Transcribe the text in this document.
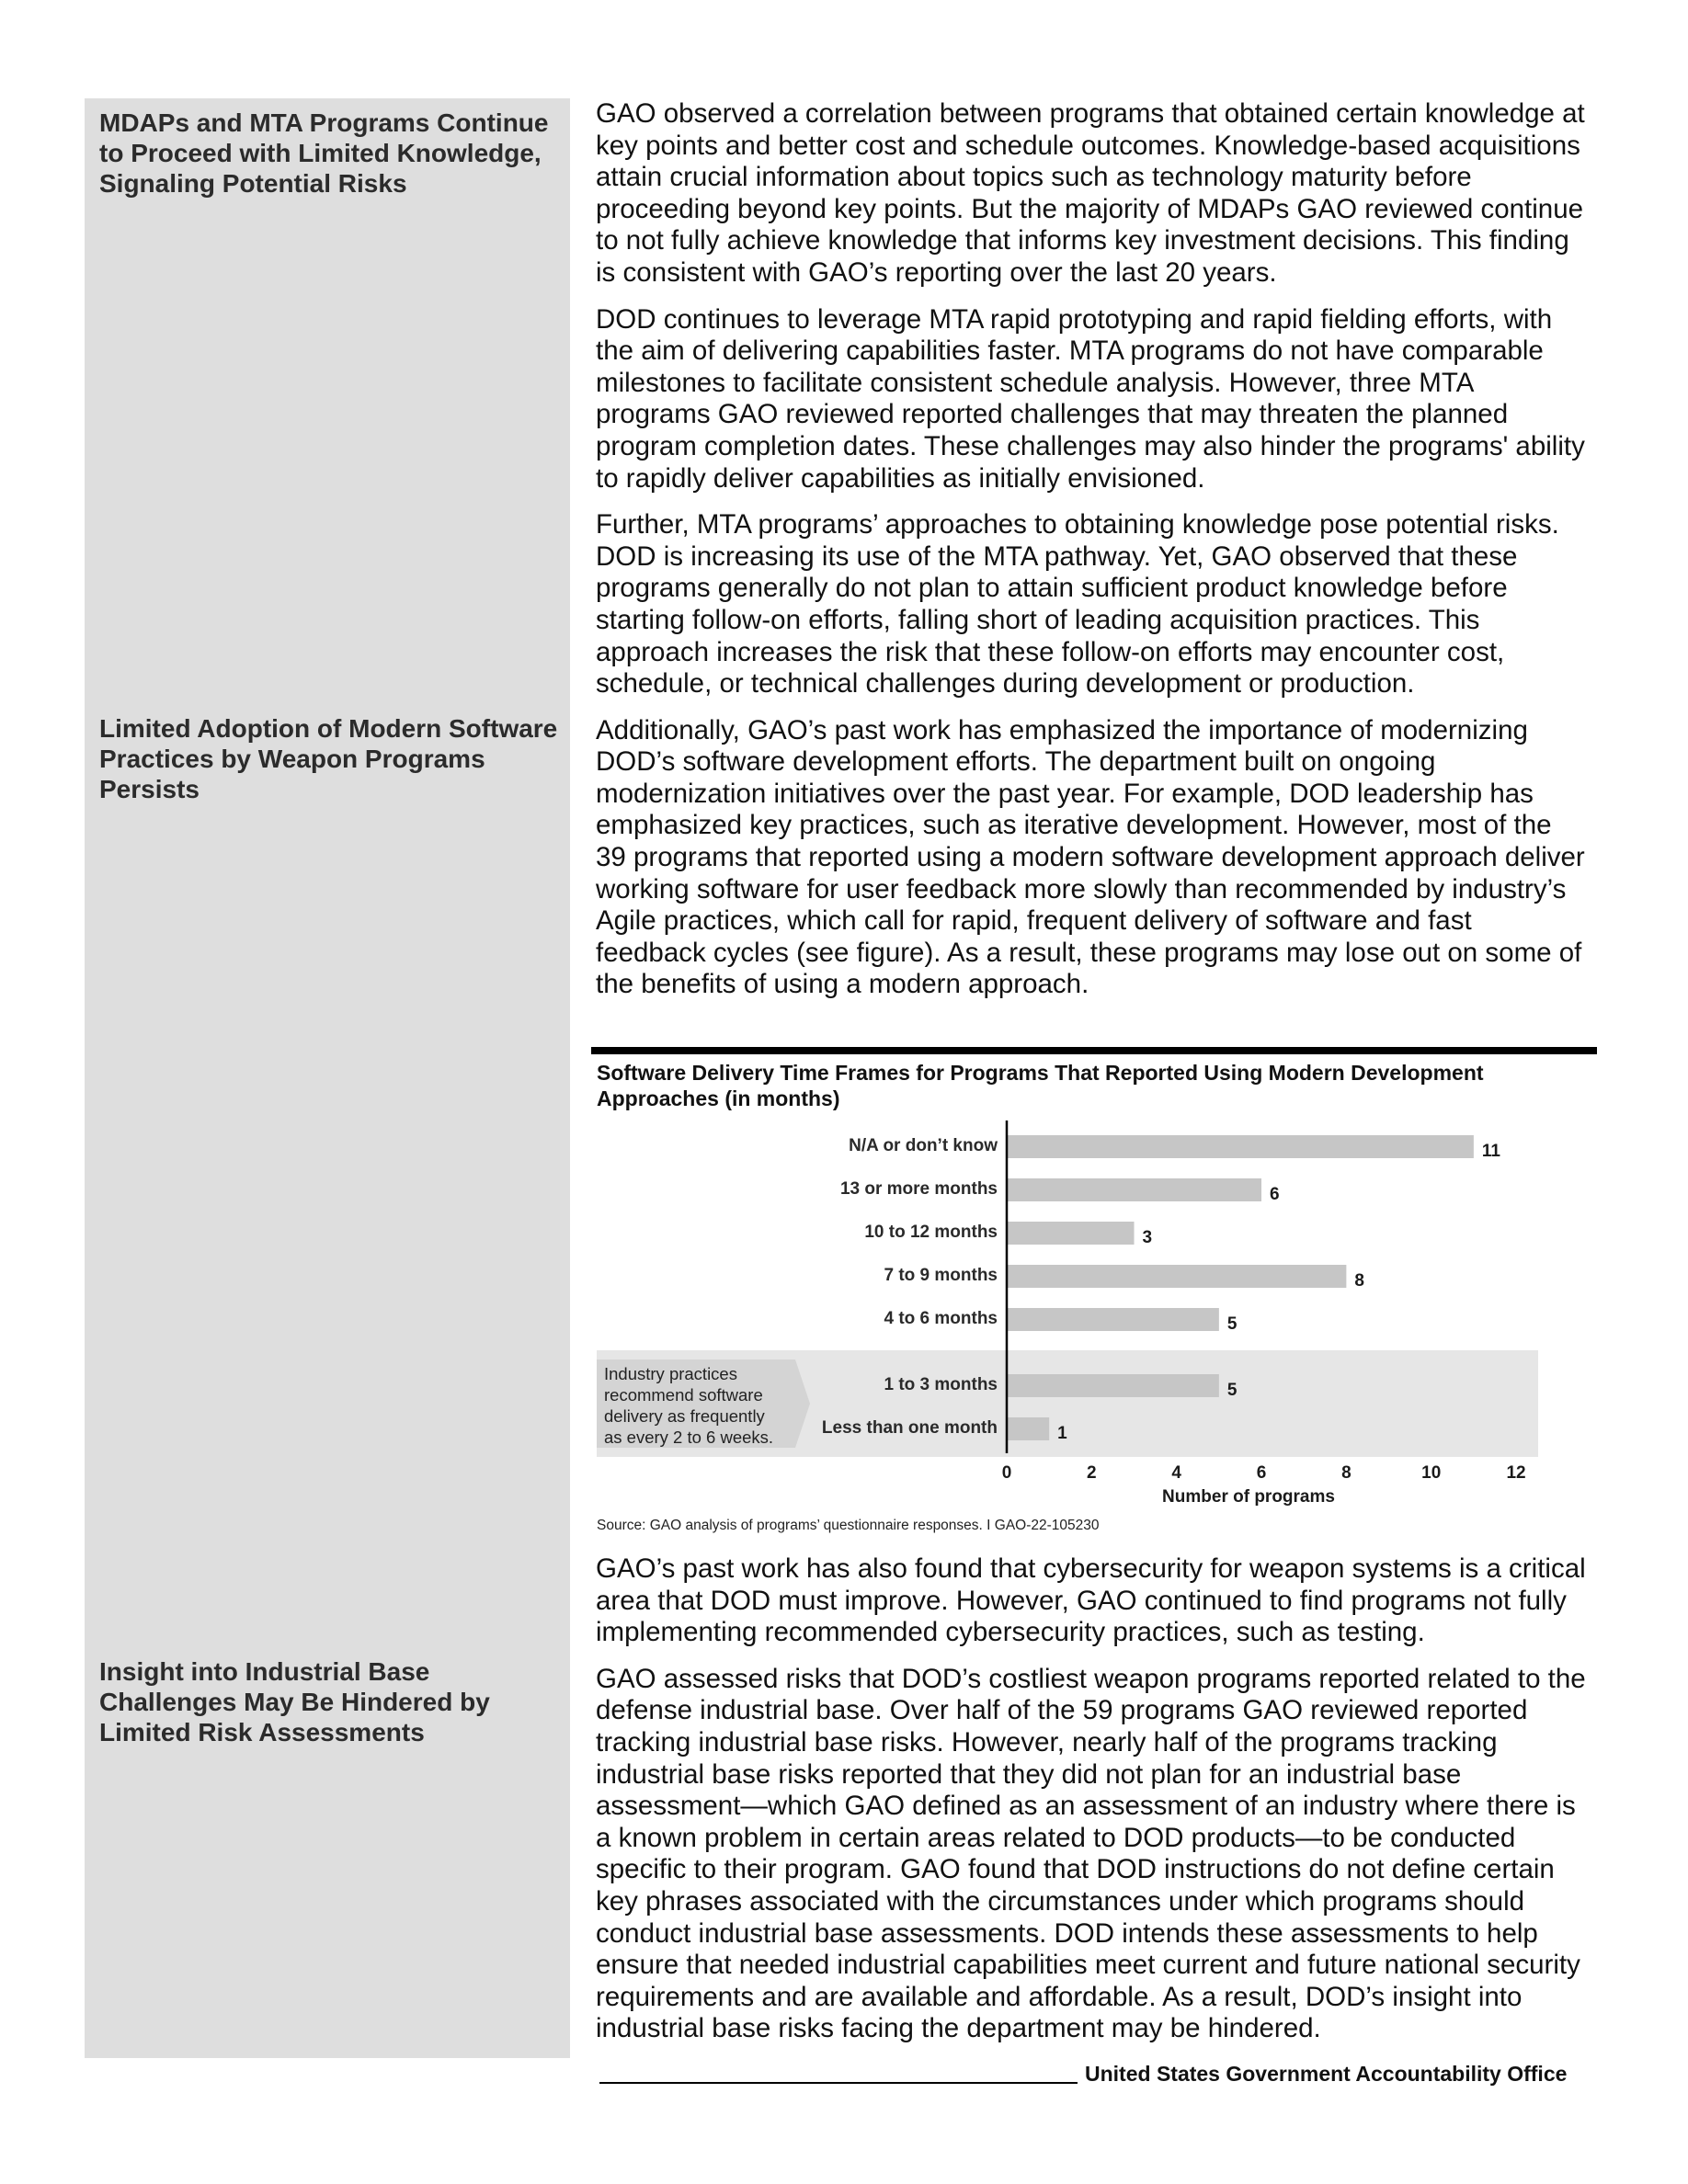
MDAPs and MTA Programs Continue to Proceed with Limited Knowledge, Signaling Potential Risks
Limited Adoption of Modern Software Practices by Weapon Programs Persists
Insight into Industrial Base Challenges May Be Hindered by Limited Risk Assessments

GAO observed a correlation between programs that obtained certain knowledge at key points and better cost and schedule outcomes. Knowledge-based acquisitions attain crucial information about topics such as technology maturity before proceeding beyond key points. But the majority of MDAPs GAO reviewed continue to not fully achieve knowledge that informs key investment decisions. This finding is consistent with GAO’s reporting over the last 20 years.

DOD continues to leverage MTA rapid prototyping and rapid fielding efforts, with the aim of delivering capabilities faster. MTA programs do not have comparable milestones to facilitate consistent schedule analysis. However, three MTA programs GAO reviewed reported challenges that may threaten the planned program completion dates. These challenges may also hinder the programs' ability to rapidly deliver capabilities as initially envisioned.

Further, MTA programs’ approaches to obtaining knowledge pose potential risks. DOD is increasing its use of the MTA pathway. Yet, GAO observed that these programs generally do not plan to attain sufficient product knowledge before starting follow-on efforts, falling short of leading acquisition practices. This approach increases the risk that these follow-on efforts may encounter cost, schedule, or technical challenges during development or production.

Additionally, GAO’s past work has emphasized the importance of modernizing DOD’s software development efforts. The department built on ongoing modernization initiatives over the past year. For example, DOD leadership has emphasized key practices, such as iterative development. However, most of the 39 programs that reported using a modern software development approach deliver working software for user feedback more slowly than recommended by industry’s Agile practices, which call for rapid, frequent delivery of software and fast feedback cycles (see figure). As a result, these programs may lose out on some of the benefits of using a modern approach.

Software Delivery Time Frames for Programs That Reported Using Modern Development Approaches (in months)
Industry practices recommend software delivery as frequently as every 2 to 6 weeks.
N/A or don’t know	11
13 or more months	6
10 to 12 months	3
7 to 9 months	8
4 to 6 months	5
1 to 3 months	5
Less than one month	1
0	2	4	6	8	10	12
Number of programs
Source: GAO analysis of programs’ questionnaire responses. I GAO-22-105230

GAO’s past work has also found that cybersecurity for weapon systems is a critical area that DOD must improve. However, GAO continued to find programs not fully implementing recommended cybersecurity practices, such as testing.

GAO assessed risks that DOD’s costliest weapon programs reported related to the defense industrial base. Over half of the 59 programs GAO reviewed reported tracking industrial base risks. However, nearly half of the programs tracking industrial base risks reported that they did not plan for an industrial base assessment—which GAO defined as an assessment of an industry where there is a known problem in certain areas related to DOD products—to be conducted specific to their program. GAO found that DOD instructions do not define certain key phrases associated with the circumstances under which programs should conduct industrial base assessments. DOD intends these assessments to help ensure that needed industrial capabilities meet current and future national security requirements and are available and affordable. As a result, DOD’s insight into industrial base risks facing the department may be hindered.

United States Government Accountability Office
